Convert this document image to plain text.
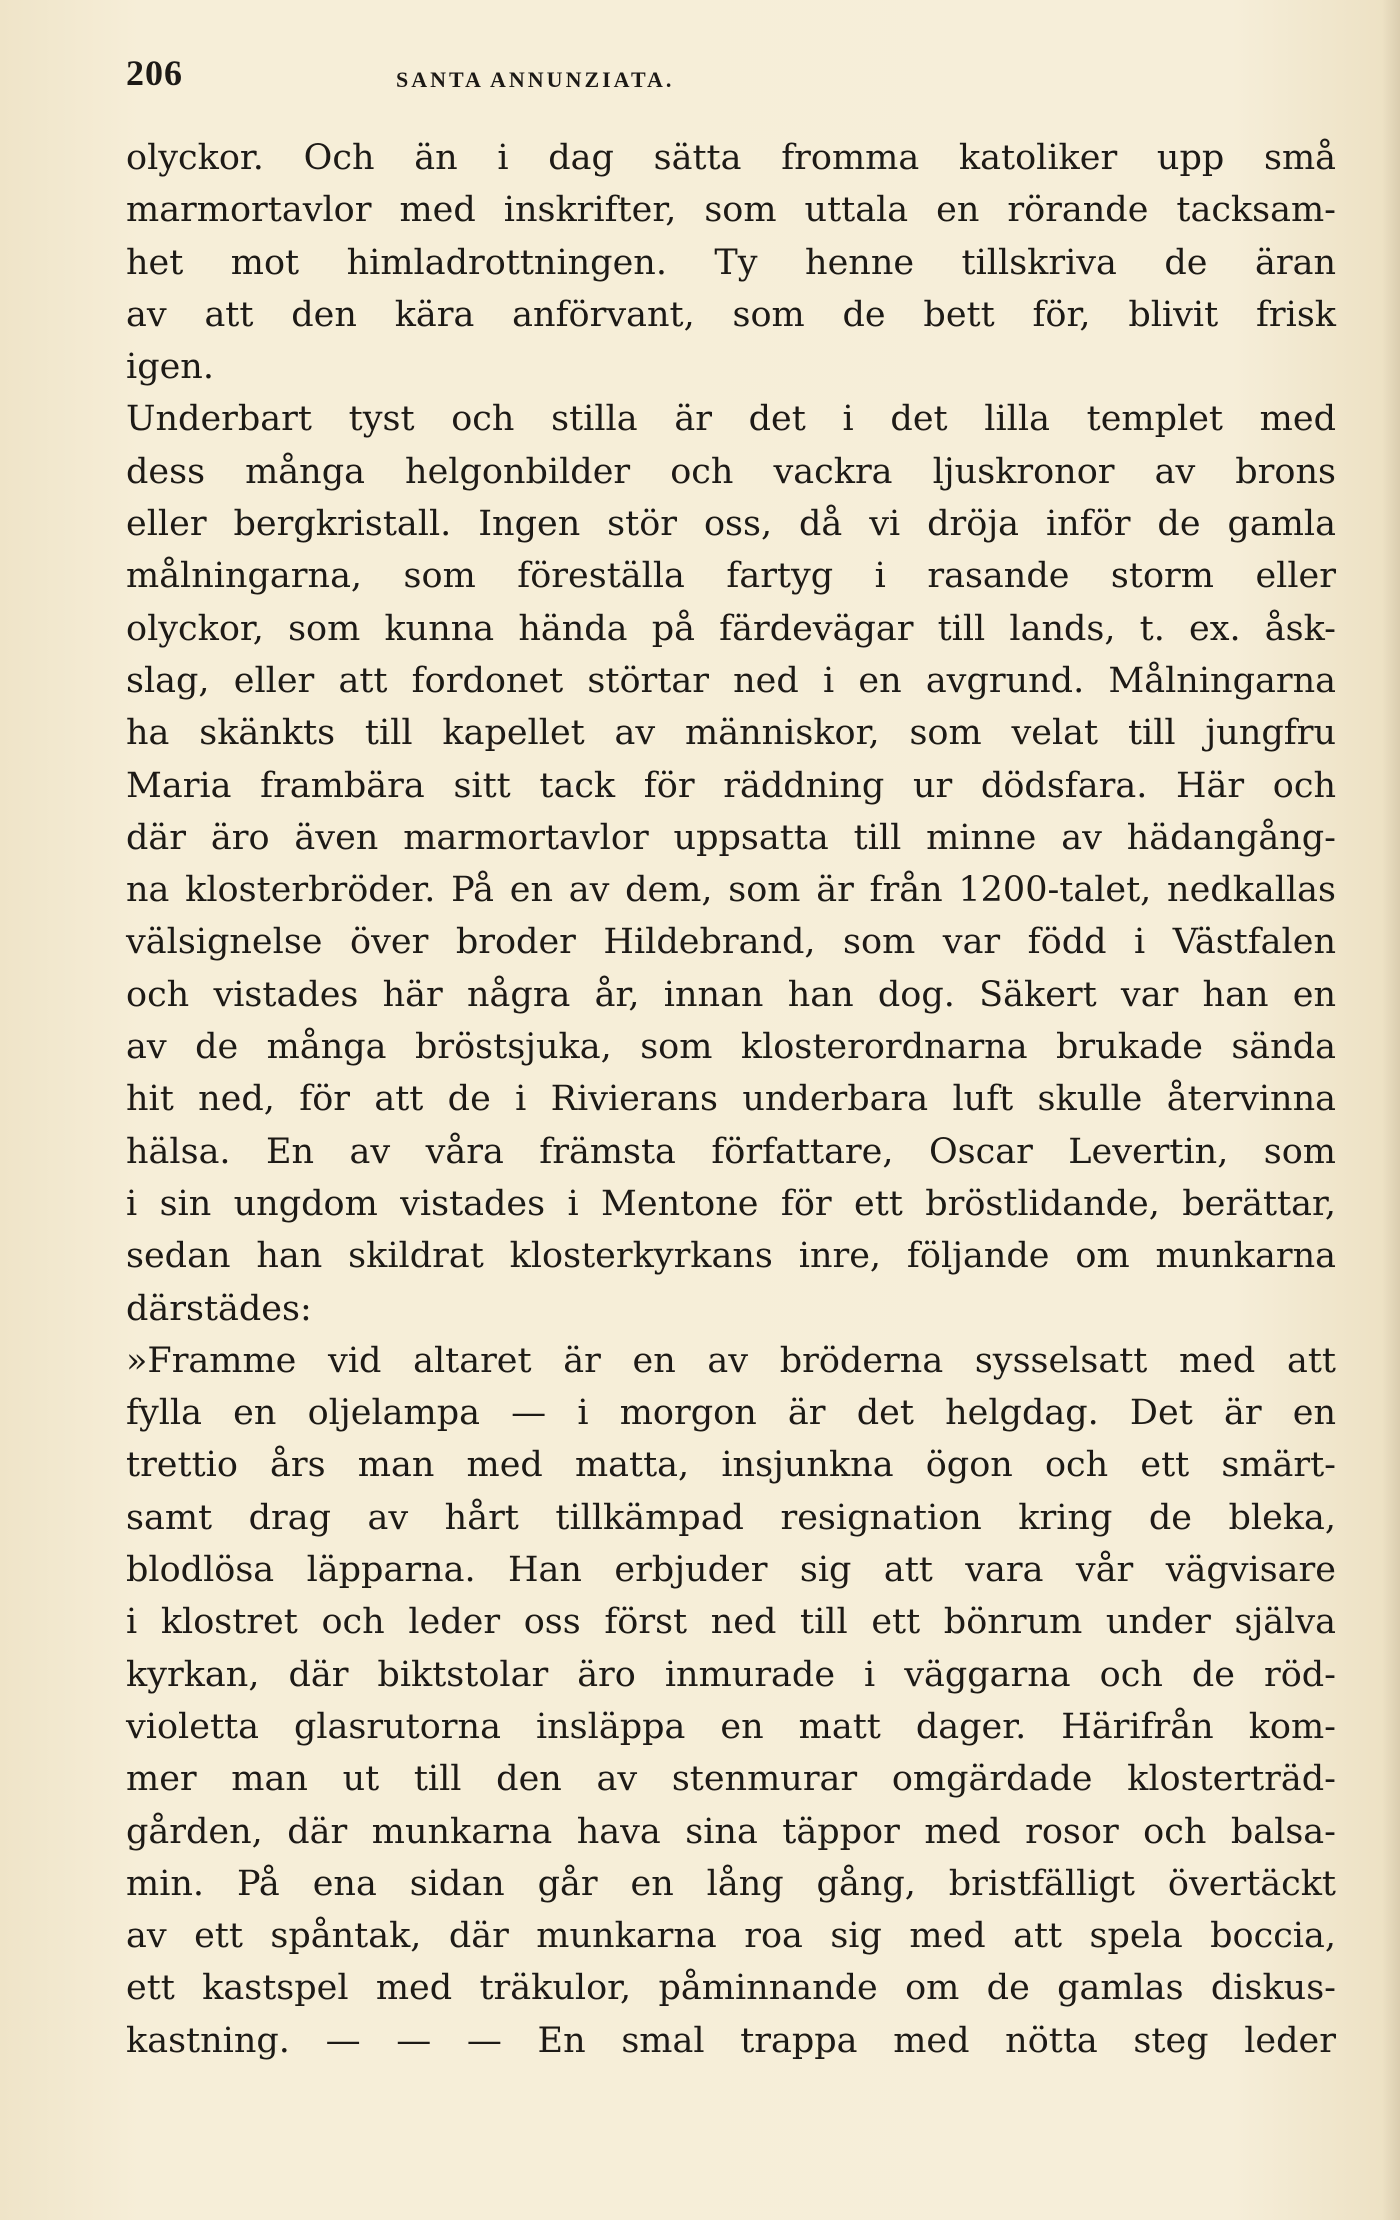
206	SANTA ANNUNZIATA.

olyckor. Och än i dag sätta fromma katoliker upp små

marmortavlor med inskrifter, som uttala en rörande tacksam-

het mot himladrottningen. Ty henne tillskriva de äran

av att den kära anförvant, som de bett för, blivit frisk

igen.

Underbart tyst och stilla är det i det lilla templet med

dess många helgonbilder och vackra ljuskronor av brons

eller bergkristall. Ingen stör oss, då vi dröja inför de gamla

målningarna, som föreställa fartyg i rasande storm eller

olyckor, som kunna hända på färdevägar till lands, t. ex. åsk-

slag, eller att fordonet störtar ned i en avgrund. Målningarna

ha skänkts till kapellet av människor, som velat till jungfru

Maria frambära sitt tack för räddning ur dödsfara. Här och

där äro även marmortavlor uppsatta till minne av hädangång-

na klosterbröder. På en av dem, som är från 1200-talet, nedkallas

välsignelse över broder Hildebrand, som var född i Västfalen

och vistades här några år, innan han dog. Säkert var han en

av de många bröstsjuka, som klosterordnarna brukade sända

hit ned, för att de i Rivierans underbara luft skulle återvinna

hälsa. En av våra främsta författare, Oscar Levertin, som

i sin ungdom vistades i Mentone för ett bröstlidande, berättar,

sedan han skildrat klosterkyrkans inre, följande om munkarna

därstädes:

»Framme vid altaret är en av bröderna sysselsatt med att

fylla en oljelampa — i morgon är det helgdag. Det är en

trettio års man med matta, insjunkna ögon och ett smärt-

samt drag av hårt tillkämpad resignation kring de bleka,

blodlösa läpparna. Han erbjuder sig att vara vår vägvisare

i klostret och leder oss först ned till ett bönrum under själva

kyrkan, där biktstolar äro inmurade i väggarna och de röd-

violetta glasrutorna insläppa en matt dager. Härifrån kom-

mer man ut till den av stenmurar omgärdade klosterträd-

gården, där munkarna hava sina täppor med rosor och balsa-

min. På ena sidan går en lång gång, bristfälligt övertäckt

av ett spåntak, där munkarna roa sig med att spela boccia,

ett kastspel med träkulor, påminnande om de gamlas diskus-

kastning. — — — En smal trappa med nötta steg leder
